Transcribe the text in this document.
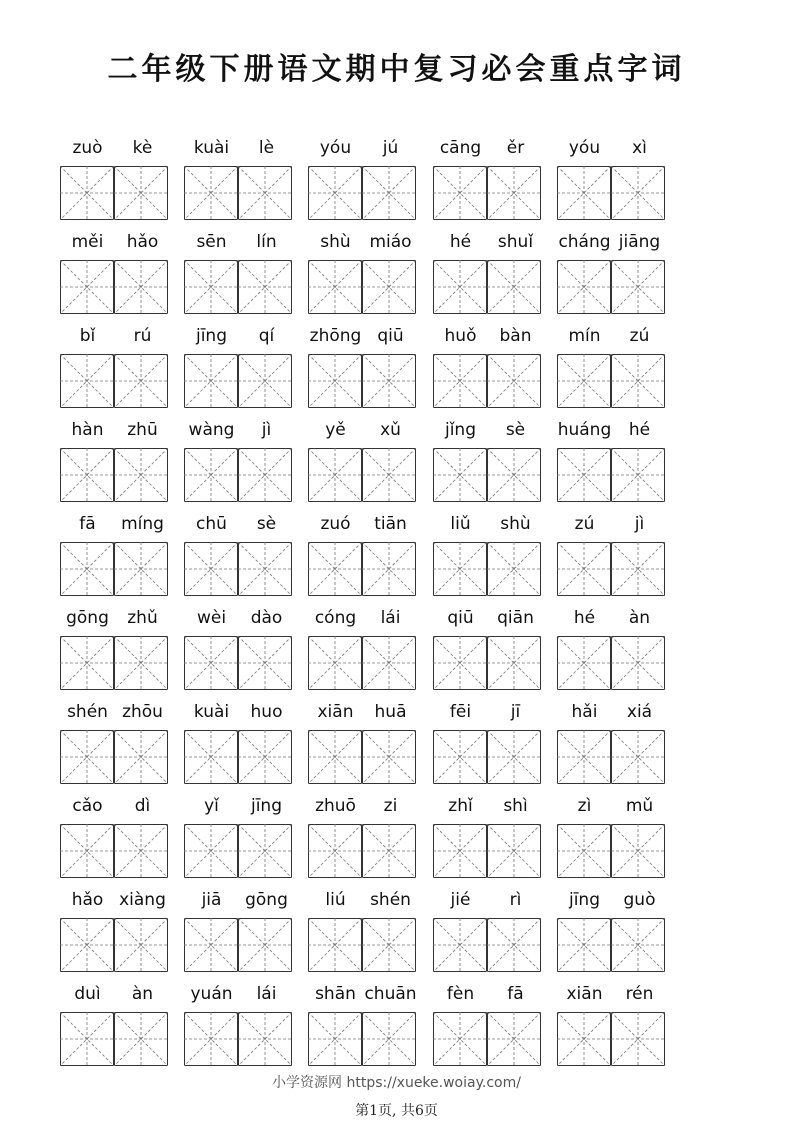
二年级下册语文期中复习必会重点字词
zuò	kè	kuài	lè	yóu	jú	cāng	ěr	yóu	xì
měi	hǎo	sēn	lín	shù	miáo	hé	shuǐ	cháng jiāng
bǐ	rú	jīng	qí	zhōng qiū	huǒ	bàn	mín	zú
hàn	zhū	wàng	jì	yě	xǔ	jǐng	sè	huáng	hé
fā	míng	chū	sè	zuó	tiān	liǔ	shù	zú	jì
gōng	zhǔ	wèi	dào	cóng	lái	qiū	qiān	hé	àn
shén zhōu	kuài	huo	xiān	huā	fēi	jī	hǎi	xiá
cǎo	dì	yǐ	jīng	zhuō	zi	zhǐ	shì	zì	mǔ
hǎo xiàng	jiā	gōng	liú	shén	jié	rì	jīng	guò
duì	àn	yuán	lái	shān chuān	fèn	fā	xiān	rén
小学资源网 https://xueke.woiay.com/
第1页, 共6页
